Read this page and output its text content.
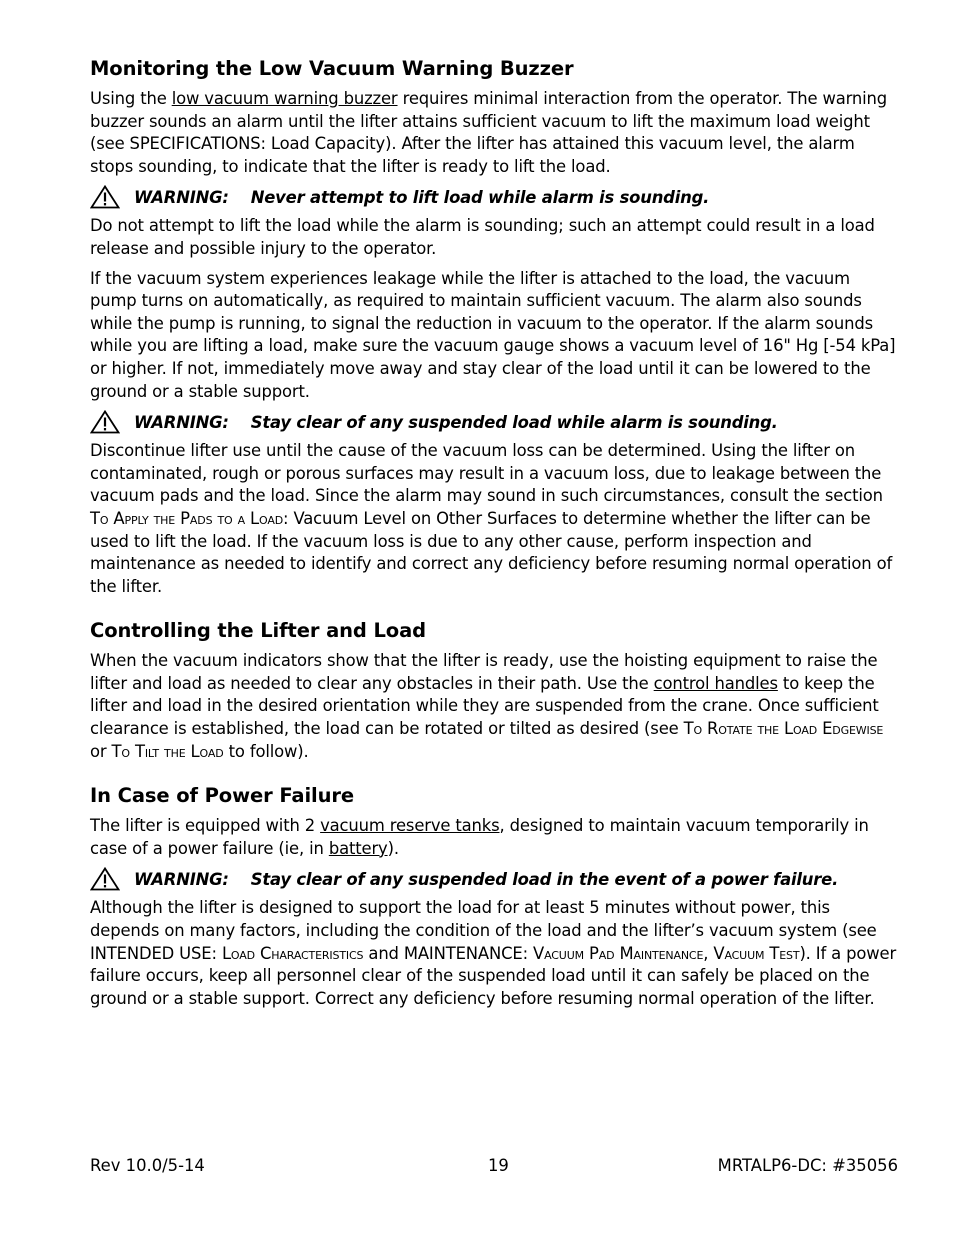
Monitoring the Low Vacuum Warning Buzzer

Using the low vacuum warning buzzer requires minimal interaction from the operator. The warning buzzer sounds an alarm until the lifter attains sufficient vacuum to lift the maximum load weight (see SPECIFICATIONS: Load Capacity). After the lifter has attained this vacuum level, the alarm stops sounding, to indicate that the lifter is ready to lift the load.

WARNING: Never attempt to lift load while alarm is sounding.

Do not attempt to lift the load while the alarm is sounding; such an attempt could result in a load release and possible injury to the operator.

If the vacuum system experiences leakage while the lifter is attached to the load, the vacuum pump turns on automatically, as required to maintain sufficient vacuum. The alarm also sounds while the pump is running, to signal the reduction in vacuum to the operator. If the alarm sounds while you are lifting a load, make sure the vacuum gauge shows a vacuum level of 16" Hg [-54 kPa] or higher. If not, immediately move away and stay clear of the load until it can be lowered to the ground or a stable support.

WARNING: Stay clear of any suspended load while alarm is sounding.

Discontinue lifter use until the cause of the vacuum loss can be determined. Using the lifter on contaminated, rough or porous surfaces may result in a vacuum loss, due to leakage between the vacuum pads and the load. Since the alarm may sound in such circumstances, consult the section To Apply the Pads to a Load: Vacuum Level on Other Surfaces to determine whether the lifter can be used to lift the load. If the vacuum loss is due to any other cause, perform inspection and maintenance as needed to identify and correct any deficiency before resuming normal operation of the lifter.

Controlling the Lifter and Load

When the vacuum indicators show that the lifter is ready, use the hoisting equipment to raise the lifter and load as needed to clear any obstacles in their path. Use the control handles to keep the lifter and load in the desired orientation while they are suspended from the crane. Once sufficient clearance is established, the load can be rotated or tilted as desired (see To Rotate the Load Edgewise or To Tilt the Load to follow).

In Case of Power Failure

The lifter is equipped with 2 vacuum reserve tanks, designed to maintain vacuum temporarily in case of a power failure (ie, in battery).

WARNING: Stay clear of any suspended load in the event of a power failure.

Although the lifter is designed to support the load for at least 5 minutes without power, this depends on many factors, including the condition of the load and the lifter’s vacuum system (see INTENDED USE: Load Characteristics and MAINTENANCE: Vacuum Pad Maintenance, Vacuum Test). If a power failure occurs, keep all personnel clear of the suspended load until it can safely be placed on the ground or a stable support. Correct any deficiency before resuming normal operation of the lifter.

Rev 10.0/5-14	19	MRTALP6-DC: #35056
